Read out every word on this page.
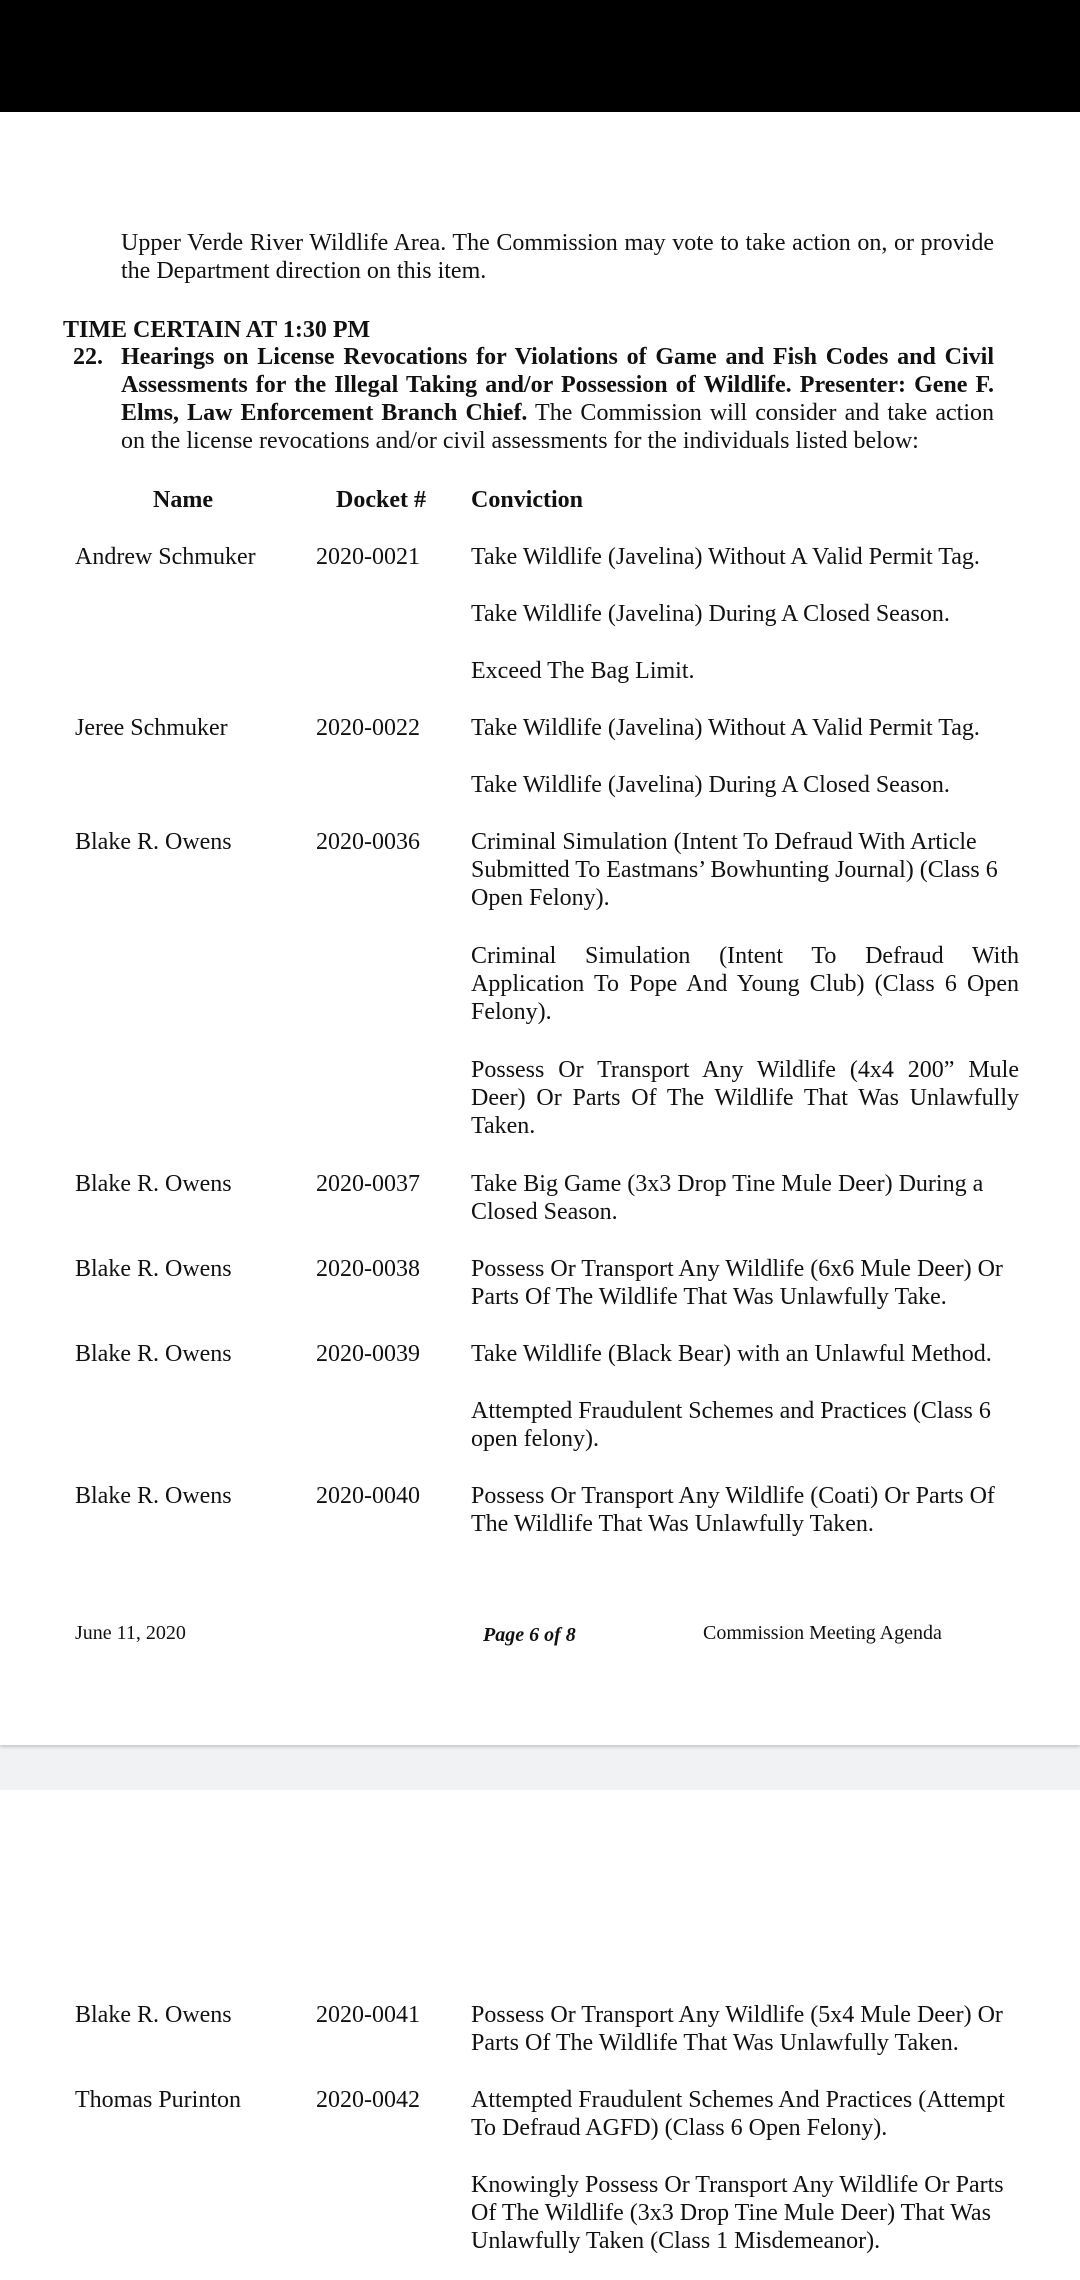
Upper Verde River Wildlife Area. The Commission may vote to take action on, or provide the Department direction on this item.
TIME CERTAIN AT 1:30 PM
22. Hearings on License Revocations for Violations of Game and Fish Codes and Civil Assessments for the Illegal Taking and/or Possession of Wildlife. Presenter: Gene F. Elms, Law Enforcement Branch Chief. The Commission will consider and take action on the license revocations and/or civil assessments for the individuals listed below:
Name	Docket # Conviction
Andrew Schmuker	2020-0021 Take Wildlife (Javelina) Without A Valid Permit Tag.
Take Wildlife (Javelina) During A Closed Season.
Exceed The Bag Limit.
Jeree Schmuker	2020-0022 Take Wildlife (Javelina) Without A Valid Permit Tag.
Take Wildlife (Javelina) During A Closed Season.
Blake R. Owens	2020-0036 Criminal Simulation (Intent To Defraud With Article Submitted To Eastmans’ Bowhunting Journal) (Class 6 Open Felony).
Criminal Simulation (Intent To Defraud With Application To Pope And Young Club) (Class 6 Open Felony).
Possess Or Transport Any Wildlife (4x4 200” Mule Deer) Or Parts Of The Wildlife That Was Unlawfully Taken.
Blake R. Owens	2020-0037 Take Big Game (3x3 Drop Tine Mule Deer) During a Closed Season.
Blake R. Owens	2020-0038 Possess Or Transport Any Wildlife (6x6 Mule Deer) Or Parts Of The Wildlife That Was Unlawfully Take.
Blake R. Owens	2020-0039 Take Wildlife (Black Bear) with an Unlawful Method.
Attempted Fraudulent Schemes and Practices (Class 6 open felony).
Blake R. Owens	2020-0040 Possess Or Transport Any Wildlife (Coati) Or Parts Of The Wildlife That Was Unlawfully Taken.
June 11, 2020	Page 6 of 8	Commission Meeting Agenda
Blake R. Owens	2020-0041 Possess Or Transport Any Wildlife (5x4 Mule Deer) Or Parts Of The Wildlife That Was Unlawfully Taken.
Thomas Purinton	2020-0042 Attempted Fraudulent Schemes And Practices (Attempt To Defraud AGFD) (Class 6 Open Felony).
Knowingly Possess Or Transport Any Wildlife Or Parts Of The Wildlife (3x3 Drop Tine Mule Deer) That Was Unlawfully Taken (Class 1 Misdemeanor).
